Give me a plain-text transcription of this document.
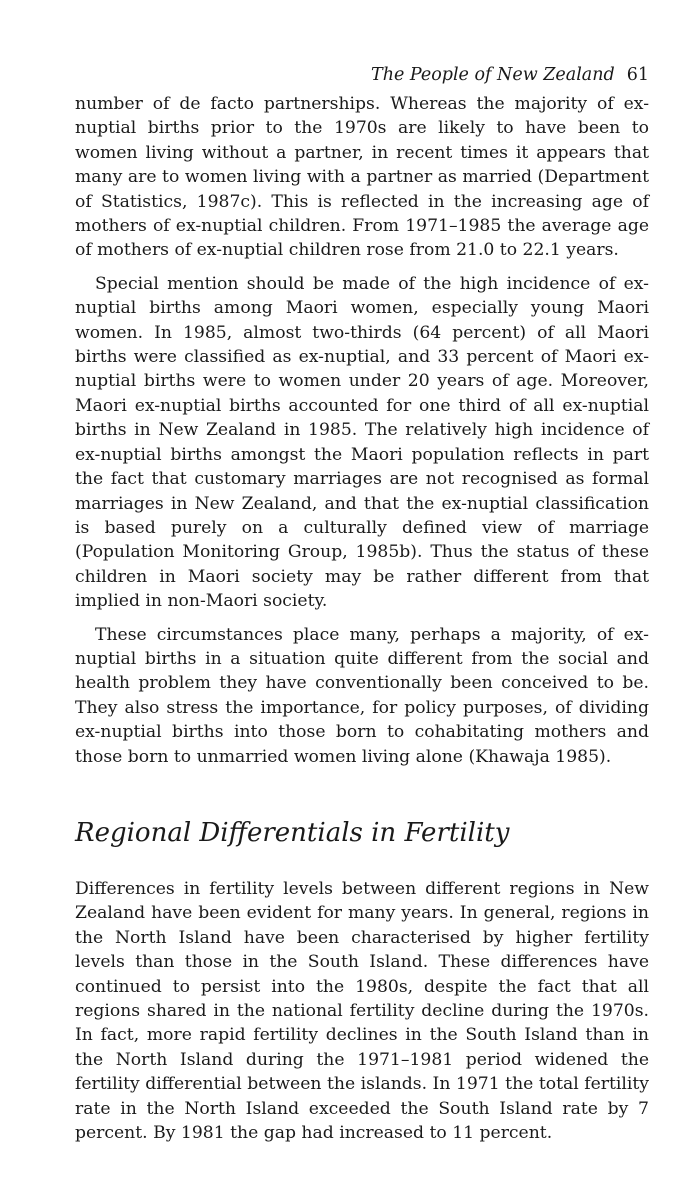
The People of New Zealand 61

number of de facto partnerships. Whereas the majority of ex-nuptial births prior to the 1970s are likely to have been to women living without a partner, in recent times it appears that many are to women living with a partner as married (Department of Statistics, 1987c). This is reflected in the increasing age of mothers of ex-nuptial children. From 1971–1985 the average age of mothers of ex-nuptial children rose from 21.0 to 22.1 years.

Special mention should be made of the high incidence of ex-nuptial births among Maori women, especially young Maori women. In 1985, almost two-thirds (64 percent) of all Maori births were classified as ex-nuptial, and 33 percent of Maori ex-nuptial births were to women under 20 years of age. Moreover, Maori ex-nuptial births accounted for one third of all ex-nuptial births in New Zealand in 1985. The relatively high incidence of ex-nuptial births amongst the Maori population reflects in part the fact that customary marriages are not recognised as formal marriages in New Zealand, and that the ex-nuptial classification is based purely on a culturally defined view of marriage (Population Monitoring Group, 1985b). Thus the status of these children in Maori society may be rather different from that implied in non-Maori society.

These circumstances place many, perhaps a majority, of ex-nuptial births in a situation quite different from the social and health problem they have conventionally been conceived to be. They also stress the importance, for policy purposes, of dividing ex-nuptial births into those born to cohabitating mothers and those born to unmarried women living alone (Khawaja 1985).

Regional Differentials in Fertility

Differences in fertility levels between different regions in New Zealand have been evident for many years. In general, regions in the North Island have been characterised by higher fertility levels than those in the South Island. These differences have continued to persist into the 1980s, despite the fact that all regions shared in the national fertility decline during the 1970s. In fact, more rapid fertility declines in the South Island than in the North Island during the 1971–1981 period widened the fertility differential between the islands. In 1971 the total fertility rate in the North Island exceeded the South Island rate by 7 percent. By 1981 the gap had increased to 11 percent.
